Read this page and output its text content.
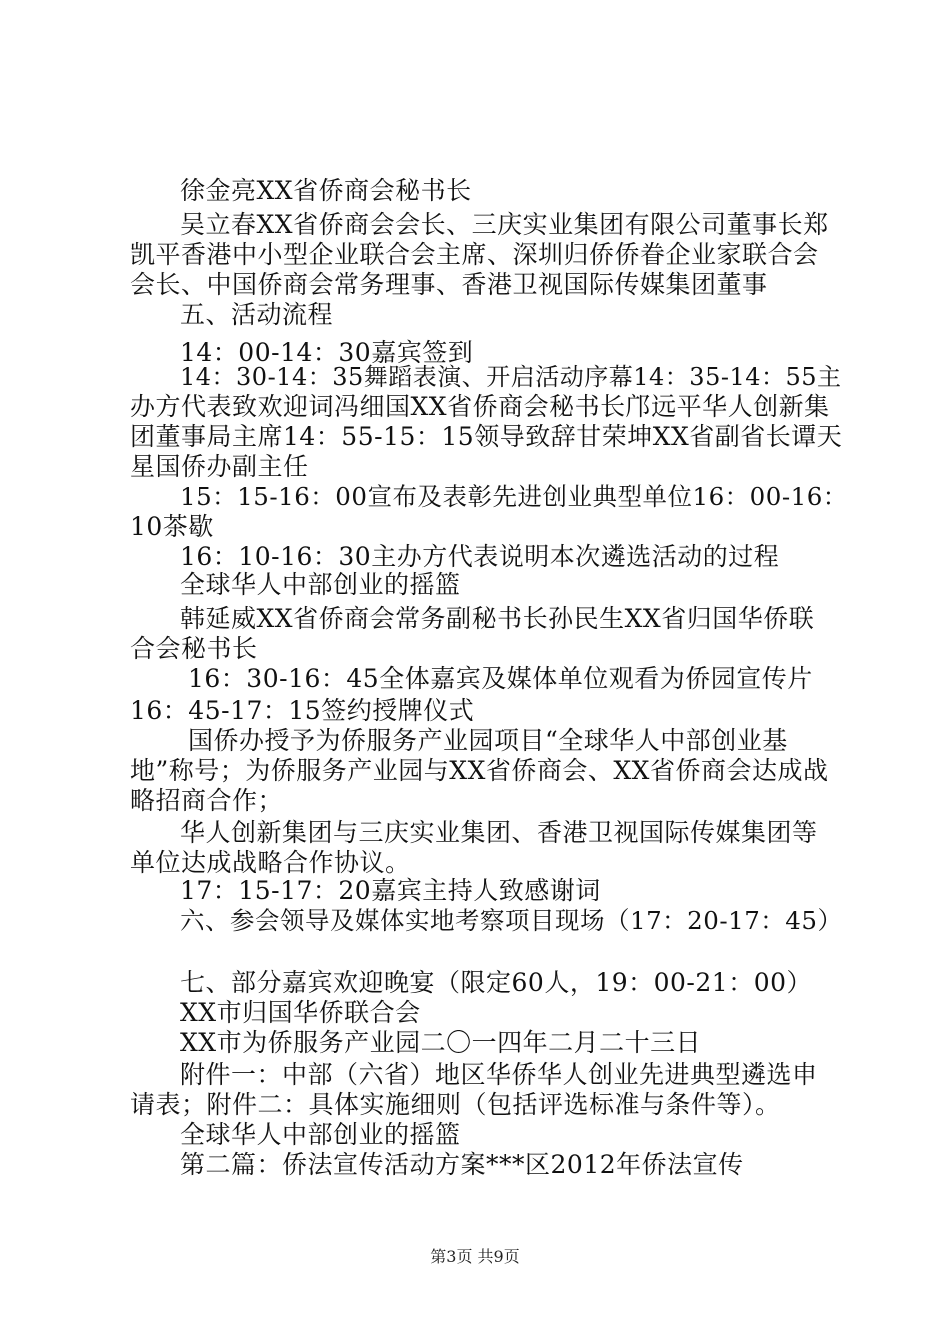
徐金亮XX省侨商会秘书长
吴立春XX省侨商会会长、三庆实业集团有限公司董事长郑
凯平香港中小型企业联合会主席、深圳归侨侨眷企业家联合会
会长、中国侨商会常务理事、香港卫视国际传媒集团董事
五、活动流程
14：00-14：30嘉宾签到
14：30-14：35舞蹈表演、开启活动序幕14：35-14：55主
办方代表致欢迎词冯细国XX省侨商会秘书长邝远平华人创新集
团董事局主席14：55-15：15领导致辞甘荣坤XX省副省长谭天
星国侨办副主任
15：15-16：00宣布及表彰先进创业典型单位16：00-16：
10茶歇
16：10-16：30主办方代表说明本次遴选活动的过程
全球华人中部创业的摇篮
韩延威XX省侨商会常务副秘书长孙民生XX省归国华侨联
合会秘书长
16：30-16：45全体嘉宾及媒体单位观看为侨园宣传片
16：45-17：15签约授牌仪式
国侨办授予为侨服务产业园项目“全球华人中部创业基
地”称号；为侨服务产业园与XX省侨商会、XX省侨商会达成战
略招商合作；
华人创新集团与三庆实业集团、香港卫视国际传媒集团等
单位达成战略合作协议。
17：15-17：20嘉宾主持人致感谢词
六、参会领导及媒体实地考察项目现场（17：20-17：45）
七、部分嘉宾欢迎晚宴（限定60人，19：00-21：00）
XX市归国华侨联合会
XX市为侨服务产业园二〇一四年二月二十三日
附件一：中部（六省）地区华侨华人创业先进典型遴选申
请表；附件二：具体实施细则（包括评选标准与条件等）。
全球华人中部创业的摇篮
第二篇：侨法宣传活动方案***区2012年侨法宣传
第3页 共9页
